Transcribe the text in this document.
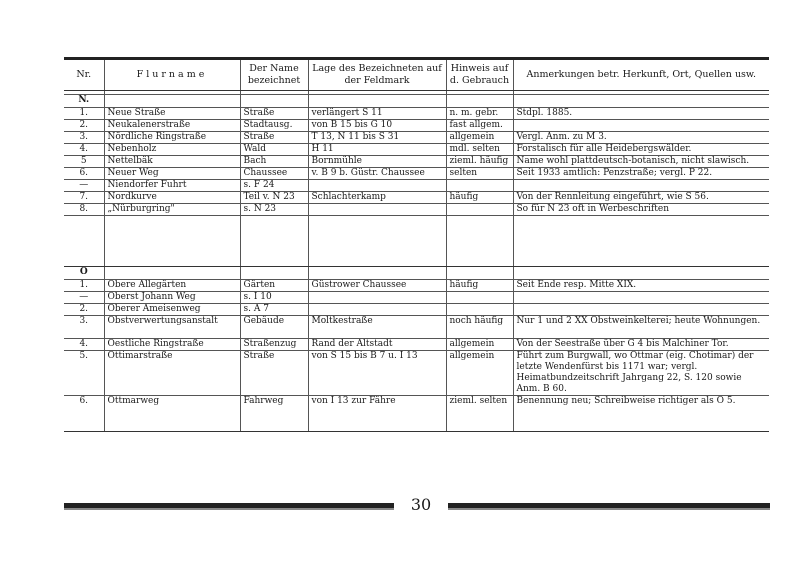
Nr.	Flurname	Der Name bezeichnet	Lage des Bezeichneten auf der Feldmark	Hinweis auf d. Gebrauch	Anmerkungen betr. Herkunft, Ort, Quellen usw.

N.					
1.	Neue Straße	Straße	verlängert S 11	n. m. gebr.	Stdpl. 1885.
2.	Neukalenerstraße	Stadtausg.	von B 15 bis G 10	fast allgem.	
3.	Nördliche Ringstraße	Straße	T 13, N 11 bis S 31	allgemein	Vergl. Anm. zu M 3.
4.	Nebenholz	Wald	H 11	mdl. selten	Forstalisch für alle Heidebergswälder.
5	Nettelbäk	Bach	Bornmühle	zieml. häufig	Name wohl plattdeutsch-botanisch, nicht slawisch.
6.	Neuer Weg	Chaussee	v. B 9 b. Güstr. Chaussee	selten	Seit 1933 amtlich: Penzstraße; vergl. P 22.
—	Niendorfer Fuhrt	s. F 24			
7.	Nordkurve	Teil v. N 23	Schlachterkamp	häufig	Von der Rennleitung eingeführt, wie S 56.
8.	„Nürburgring"	s. N 23			So für N 23 oft in Werbeschriften

O					
1.	Obere Allegärten	Gärten	Güstrower Chaussee	häufig	Seit Ende resp. Mitte XIX.
—	Oberst Johann Weg	s. I 10			
2.	Oberer Ameisenweg	s. A 7			
3.	Obstverwertungsanstalt	Gebäude	Moltkestraße	noch häufig	Nur 1 und 2 XX Obstweinkelterei; heute Wohnungen.
4.	Oestliche Ringstraße	Straßenzug	Rand der Altstadt	allgemein	Von der Seestraße über G 4 bis Malchiner Tor.
5.	Ottimarstraße	Straße	von S 15 bis B 7 u. I 13	allgemein	Führt zum Burgwall, wo Ottmar (eig. Chotimar) der letzte Wendenfürst bis 1171 war; vergl. Heimatbundzeitschrift Jahrgang 22, S. 120 sowie Anm. B 60.
6.	Ottmarweg	Fahrweg	von I 13 zur Fähre	zieml. selten	Benennung neu; Schreibweise richtiger als O 5.
30
